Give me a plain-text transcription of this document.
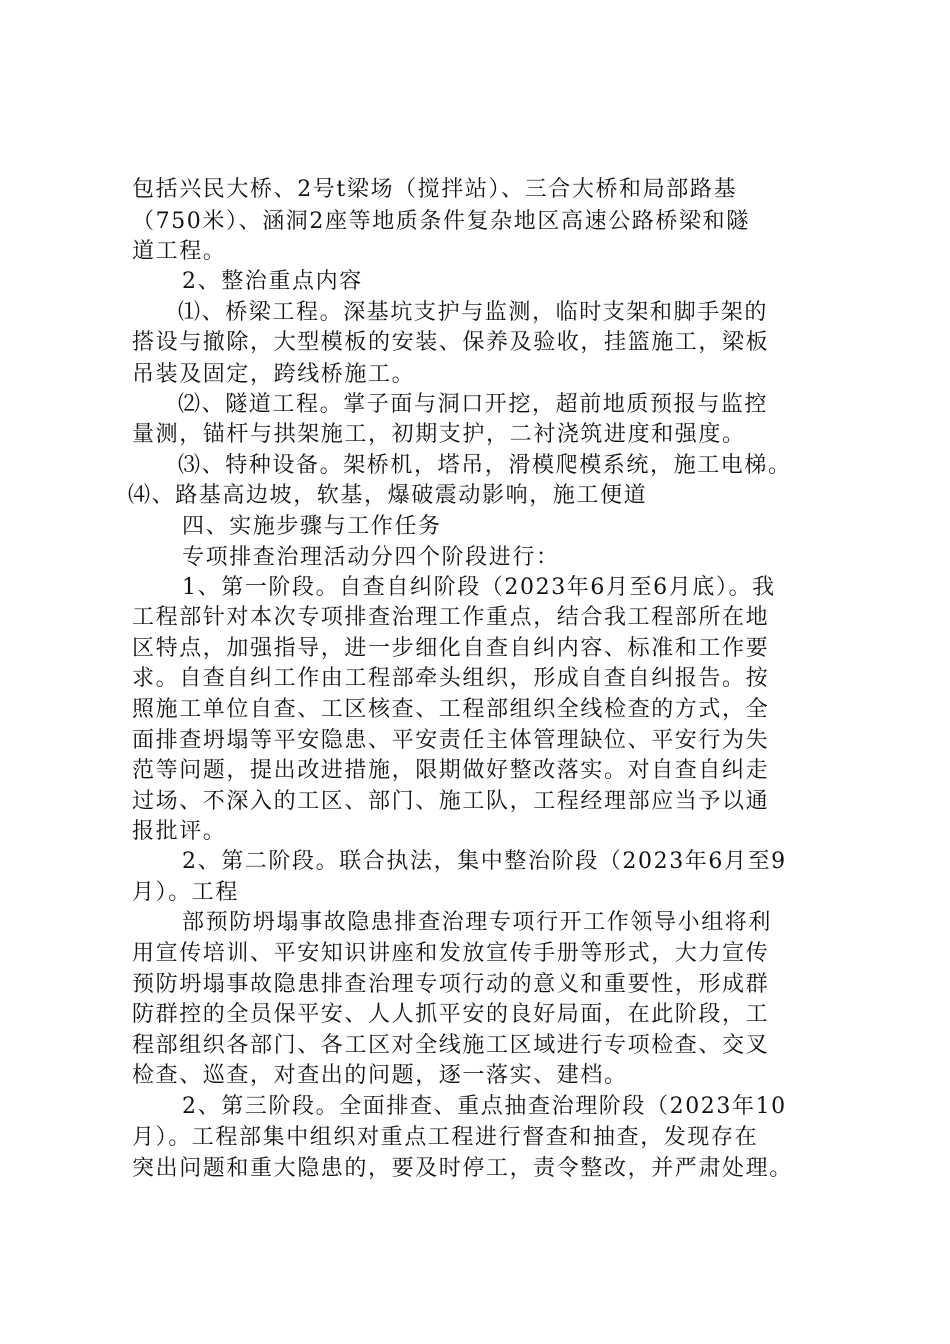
包括兴民大桥、2号t梁场（搅拌站）、三合大桥和局部路基
（750米）、涵洞2座等地质条件复杂地区高速公路桥梁和隧
道工程。
2、整治重点内容
⑴、桥梁工程。深基坑支护与监测，临时支架和脚手架的
搭设与撤除，大型模板的安装、保养及验收，挂篮施工，梁板
吊装及固定，跨线桥施工。
⑵、隧道工程。掌子面与洞口开挖，超前地质预报与监控
量测，锚杆与拱架施工，初期支护，二衬浇筑进度和强度。
⑶、特种设备。架桥机，塔吊，滑模爬模系统，施工电梯。
⑷、路基高边坡，软基，爆破震动影响，施工便道
四、实施步骤与工作任务
专项排查治理活动分四个阶段进行：
1、第一阶段。自查自纠阶段（2023年6月至6月底）。我
工程部针对本次专项排查治理工作重点，结合我工程部所在地
区特点，加强指导，进一步细化自查自纠内容、标准和工作要
求。自查自纠工作由工程部牵头组织，形成自查自纠报告。按
照施工单位自查、工区核查、工程部组织全线检查的方式，全
面排查坍塌等平安隐患、平安责任主体管理缺位、平安行为失
范等问题，提出改进措施，限期做好整改落实。对自查自纠走
过场、不深入的工区、部门、施工队，工程经理部应当予以通
报批评。
2、第二阶段。联合执法，集中整治阶段（2023年6月至9
月）。工程
部预防坍塌事故隐患排查治理专项行开工作领导小组将利
用宣传培训、平安知识讲座和发放宣传手册等形式，大力宣传
预防坍塌事故隐患排查治理专项行动的意义和重要性，形成群
防群控的全员保平安、人人抓平安的良好局面，在此阶段，工
程部组织各部门、各工区对全线施工区域进行专项检查、交叉
检查、巡查，对查出的问题，逐一落实、建档。
2、第三阶段。全面排查、重点抽查治理阶段（2023年10
月）。工程部集中组织对重点工程进行督查和抽查，发现存在
突出问题和重大隐患的，要及时停工，责令整改，并严肃处理。
